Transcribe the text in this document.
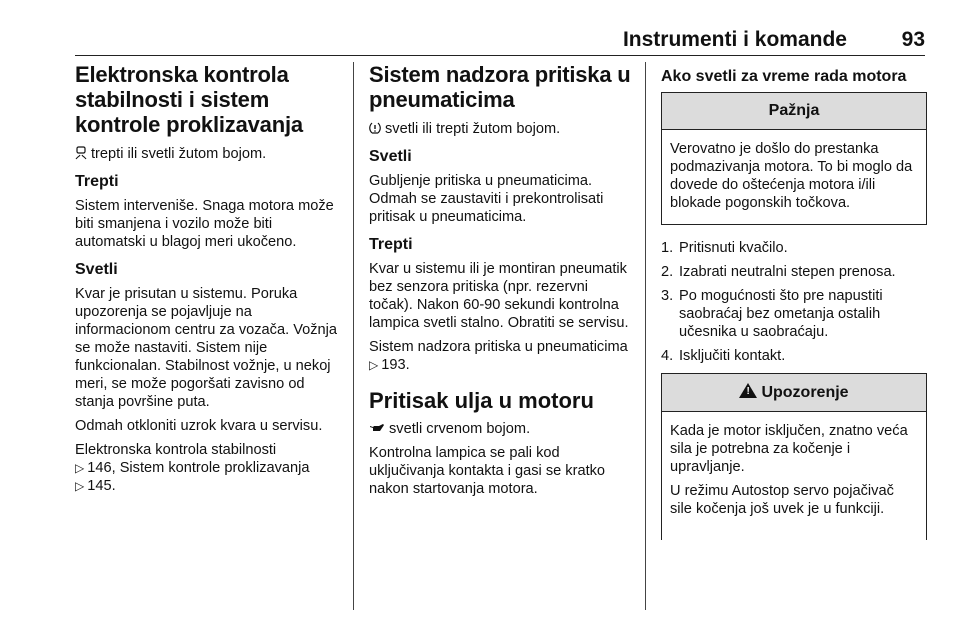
Instrumenti i komande	93
Elektronska kontrola stabilnosti i sistem kontrole proklizavanja

trepti ili svetli žutom bojom.

Trepti

Sistem interveniše. Snaga motora može biti smanjena i vozilo može biti automatski u blagoj meri ukočeno.

Svetli

Kvar je prisutan u sistemu. Poruka upozorenja se pojavljuje na informacionom centru za vozača. Vožnja se može nastaviti. Sistem nije funkcionalan. Stabilnost vožnje, u nekoj meri, se može pogoršati zavisno od stanja površine puta.

Odmah otkloniti uzrok kvara u servisu.

Elektronska kontrola stabilnosti
▷ 146, Sistem kontrole proklizavanja
▷ 145.

Sistem nadzora pritiska u pneumaticima

svetli ili trepti žutom bojom.

Svetli

Gubljenje pritiska u pneumaticima. Odmah se zaustaviti i prekontrolisati pritisak u pneumaticima.

Trepti

Kvar u sistemu ili je montiran pneumatik bez senzora pritiska (npr. rezervni točak). Nakon 60-90 sekundi kontrolna lampica svetli stalno. Obratiti se servisu.

Sistem nadzora pritiska u pneumaticima
▷ 193.

Pritisak ulja u motoru

svetli crvenom bojom.

Kontrolna lampica se pali kod uključivanja kontakta i gasi se kratko nakon startovanja motora.

Ako svetli za vreme rada motora
Pažnja

Verovatno je došlo do prestanka podmazivanja motora. To bi moglo da dovede do oštećenja motora i/ili blokade pogonskih točkova.

1. Pritisnuti kvačilo.
2. Izabrati neutralni stepen prenosa.
3. Po mogućnosti što pre napustiti saobraćaj bez ometanja ostalih učesnika u saobraćaju.
4. Isključiti kontakt.
! Upozorenje

Kada je motor isključen, znatno veća sila je potrebna za kočenje i upravljanje.

U režimu Autostop servo pojačivač sile kočenja još uvek je u funkciji.
